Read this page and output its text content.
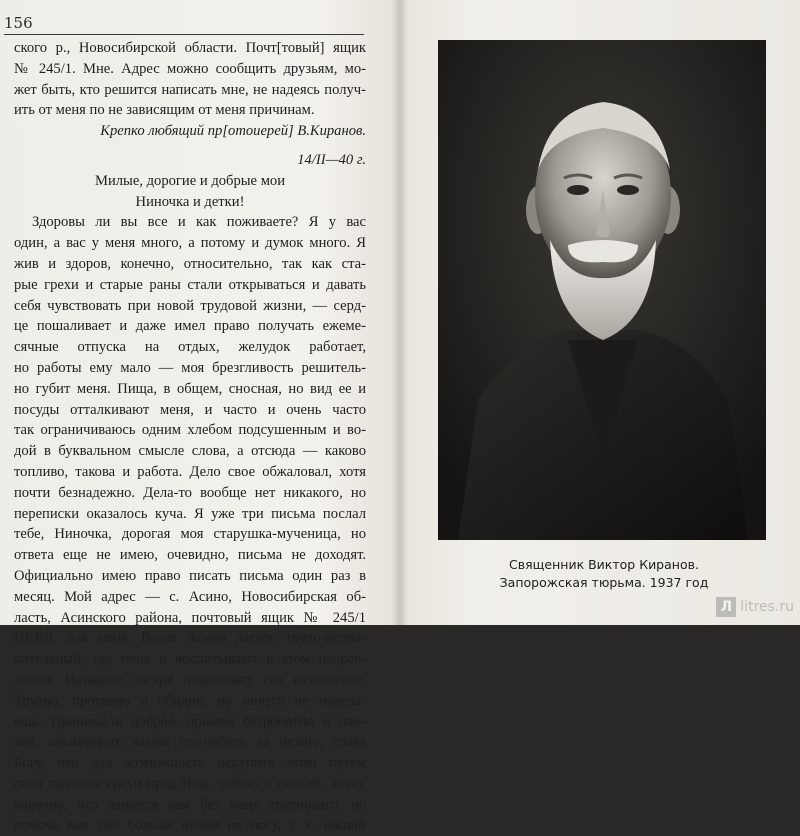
156
ского р., Новосибирской области. Почт[товый] ящик
№ 245/1. Мне. Адрес можно сообщить друзьям, мо-
жет быть, кто решится написать мне, не надеясь получ-
ить от меня по не зависящим от меня причинам.
Крепко любящий пр[отоиерей] В.Киранов.
14/II—40 г.
Милые, дорогие и добрые мои
Ниночка и детки!
Здоровы ли вы все и как поживаете? Я у вас
один, а вас у меня много, а потому и думок много. Я
жив и здоров, конечно, относительно, так как ста-
рые грехи и старые раны стали открываться и давать
себя чувствовать при новой трудовой жизни, — серд-
це пошаливает и даже имел право получать ежеме-
сячные отпуска на отдых, желудок работает,
но работы ему мало — моя брезгливость решитель-
но губит меня. Пища, в общем, сносная, но вид ее и
посуды отталкивают меня, и часто и очень часто
так ограничиваюсь одним хлебом подсушенным и во-
дой в буквальном смысле слова, а отсюда — каково
топливо, такова и работа. Дело свое обжаловал, хотя
почти безнадежно. Дела-то вообще нет никакого, но
переписки оказалось куча. Я уже три письма послал
тебе, Ниночка, дорогая моя старушка-мученица, но
ответа еще не имею, очевидно, письма не доходят.
Официально имею право писать письма один раз в
месяц. Мой адрес — с. Асино, Новосибирская об-
ласть, Асинского района, почтовый ящик № 245/1
НКВД, для меня. Возле Асино лагерь трудо-испра-
вительный, где меня и воспитывают в этом направ-
лении. Название лагеря показывает его назначение.
Трудно, противно и обидно, но ничего не подела-
ешь. Принимали доброе, примем безропотно и пло-
хое, заканчивать жизнь где-нибудь да нужно, слава
Богу, что дал возможность искупить этим путем
свои тяжелые грехи пред Ним, тобою и семьей. Знаю,
конечно, что живется вам без меня трудновато, но
помочь вам уже больше ничем не могу, т. к. нищий
Священник Виктор Киранов.
Запорожская тюрьма. 1937 год
Л litres.ru
